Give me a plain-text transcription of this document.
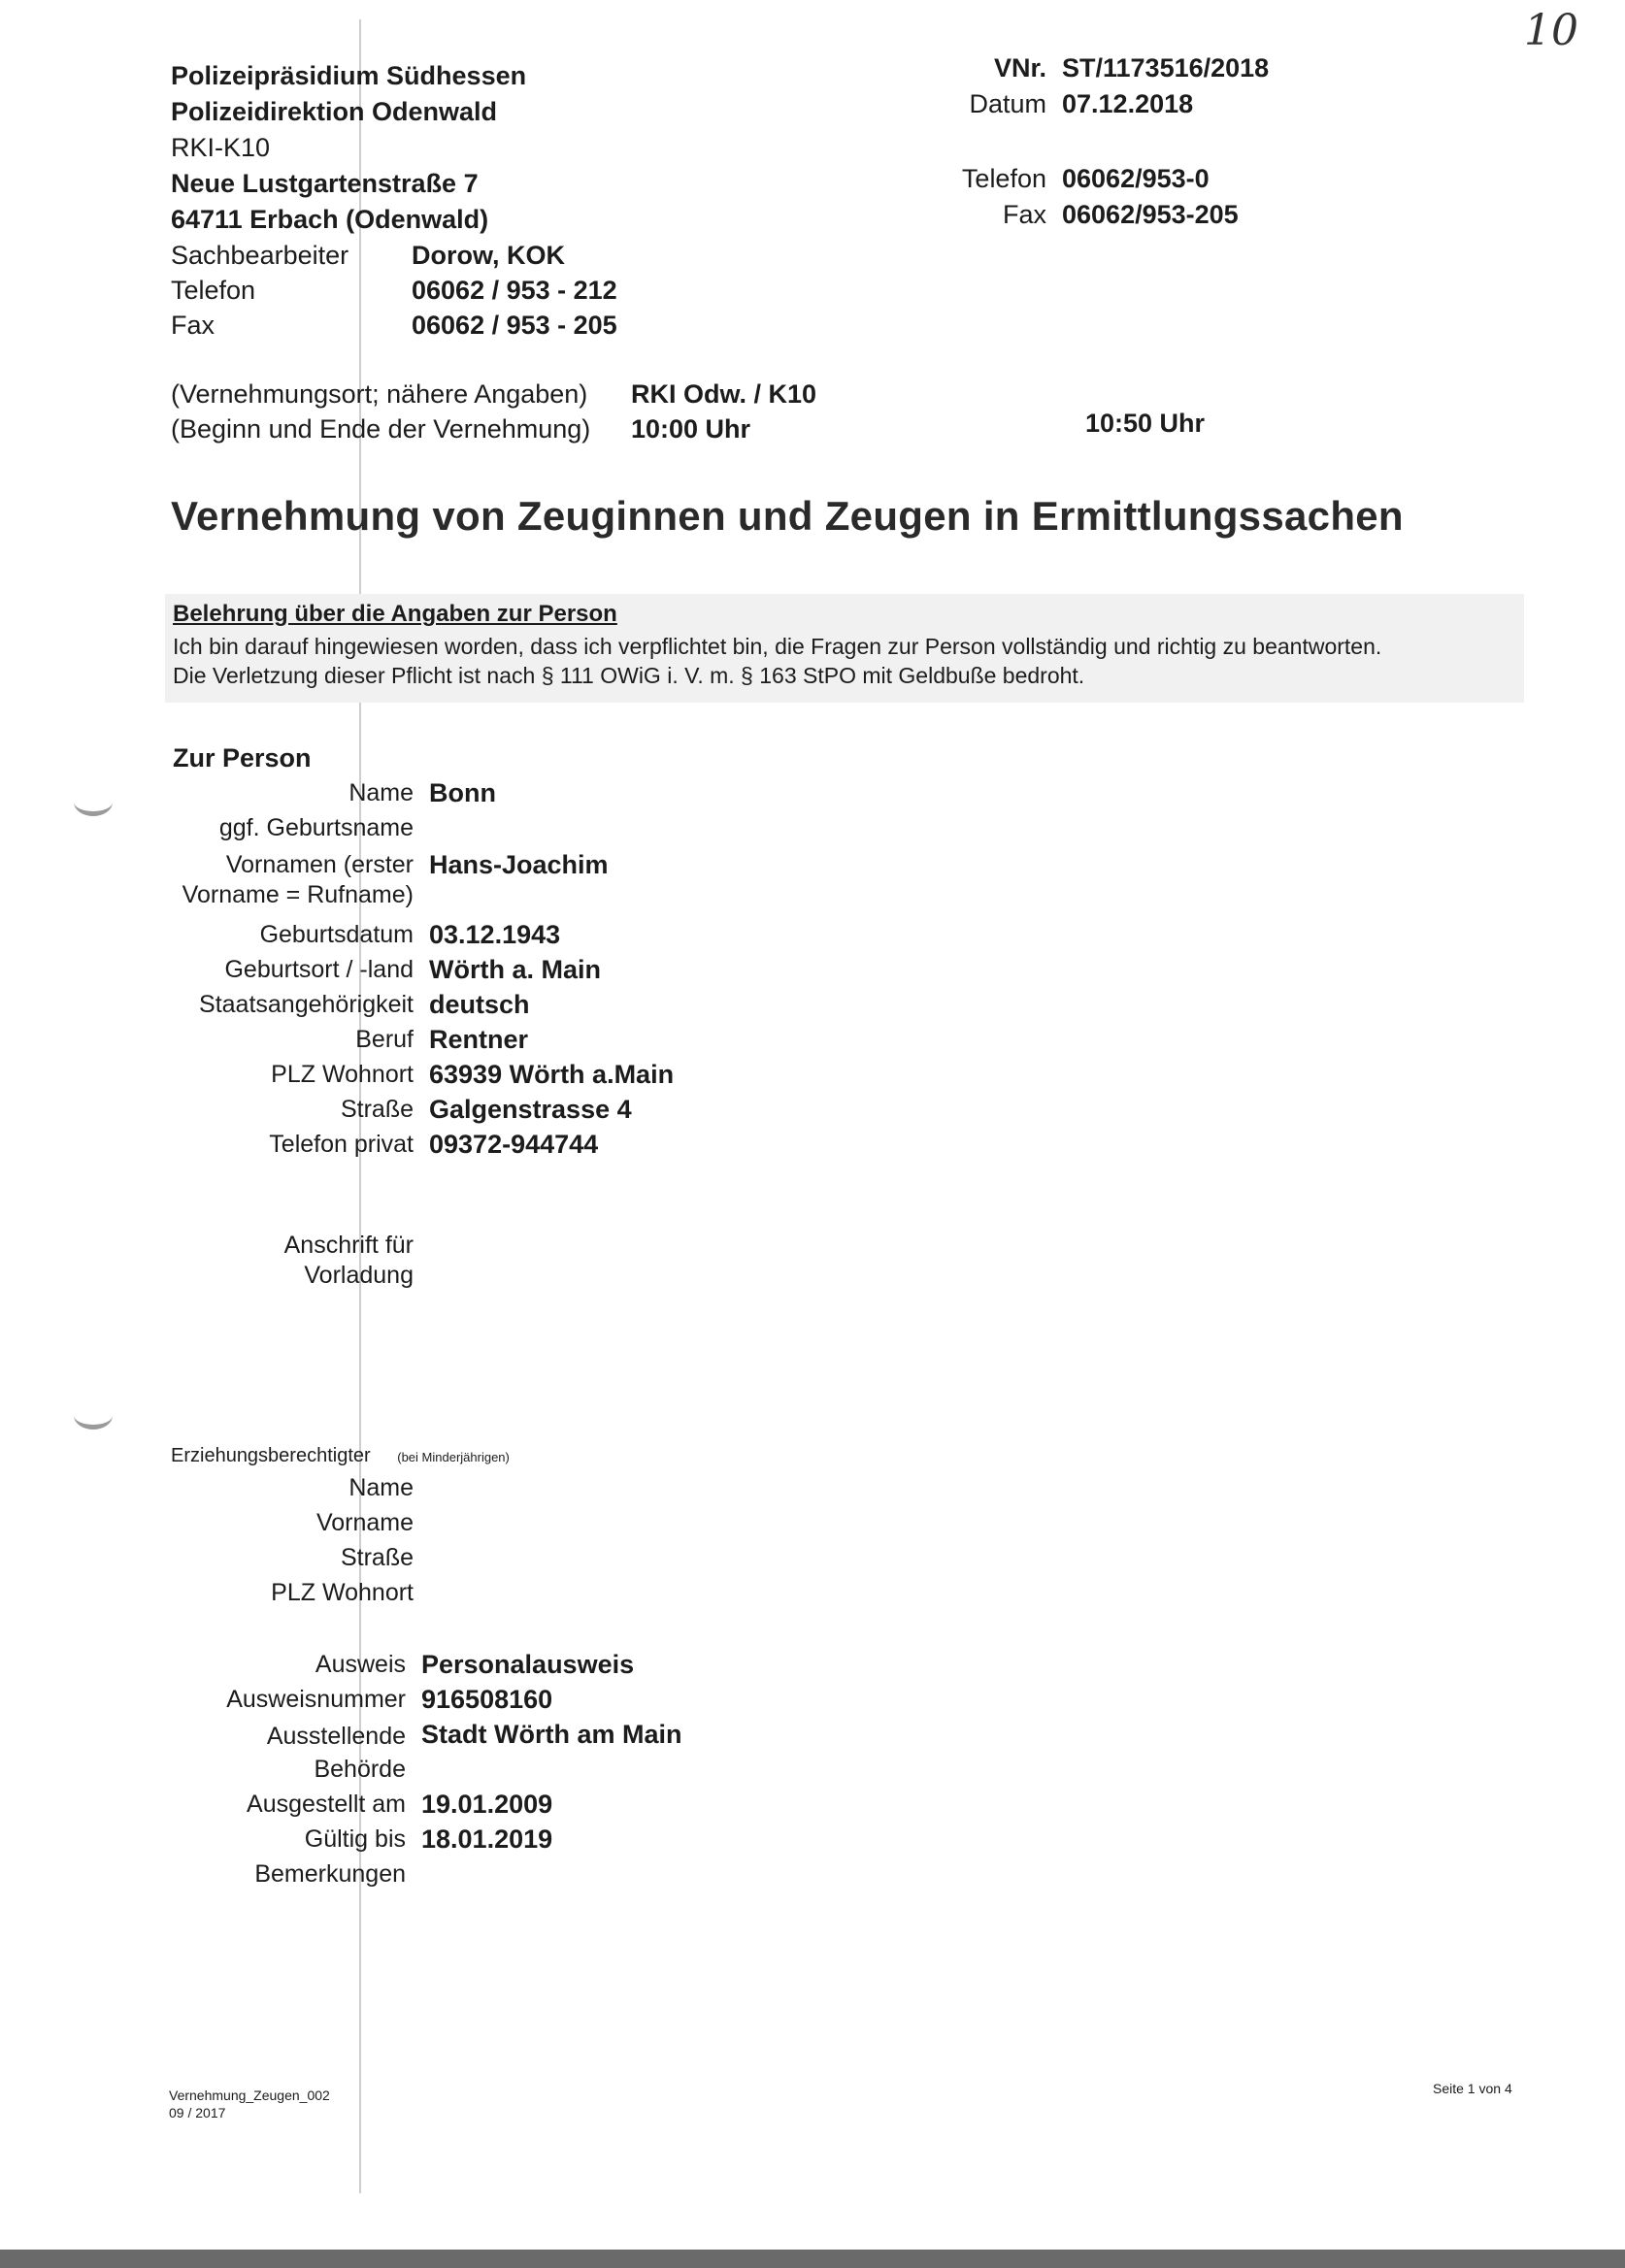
10
Polizeipräsidium Südhessen
Polizeidirektion Odenwald
RKI-K10
Neue Lustgartenstraße 7
64711 Erbach (Odenwald)
Sachbearbeiter	Dorow, KOK
Telefon	06062 / 953 - 212
Fax	06062 / 953 - 205
VNr. ST/1173516/2018
Datum 07.12.2018
Telefon 06062/953-0
Fax 06062/953-205
(Vernehmungsort; nähere Angaben)	RKI Odw. / K10
(Beginn und Ende der Vernehmung)	10:00 Uhr	10:50 Uhr
Vernehmung von Zeuginnen und Zeugen in Ermittlungssachen
Belehrung über die Angaben zur Person
Ich bin darauf hingewiesen worden, dass ich verpflichtet bin, die Fragen zur Person vollständig und richtig zu beantworten.
Die Verletzung dieser Pflicht ist nach § 111 OWiG i. V. m. § 163 StPO mit Geldbuße bedroht.
Zur Person
Name Bonn
ggf. Geburtsname
Vornamen (erster
Vorname = Rufname)
Hans-Joachim
Geburtsdatum 03.12.1943
Geburtsort / -land Wörth a. Main
Staatsangehörigkeit deutsch
Beruf Rentner
PLZ Wohnort 63939 Wörth a.Main
Straße Galgenstrasse 4
Telefon privat 09372-944744
Anschrift für
Vorladung
Erziehungsberechtigter (bei Minderjährigen)
Name
Vorname
Straße
PLZ Wohnort
Ausweis Personalausweis
Ausweisnummer 916508160
Ausstellende
Behörde
Stadt Wörth am Main
Ausgestellt am 19.01.2009
Gültig bis 18.01.2019
Bemerkungen
Vernehmung_Zeugen_002
09 / 2017
Seite 1 von 4
